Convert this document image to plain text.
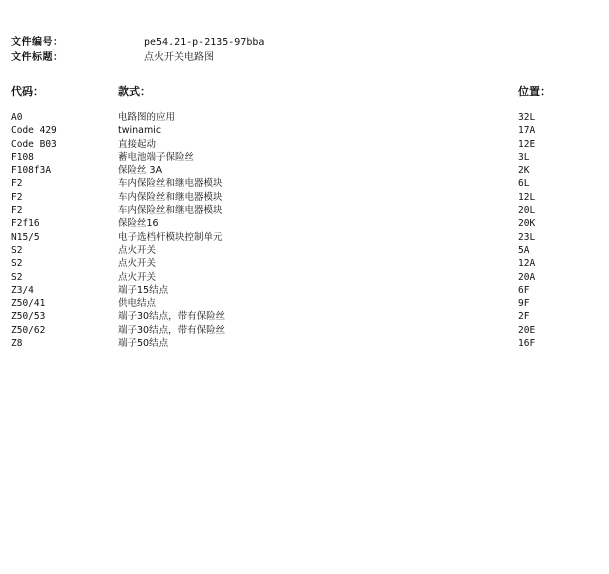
文件编号：	pe54.21-p-2135-97bba
文件标题：	点火开关电路图
代码：	款式：	位置：
A0	电路图的应用	32L
Code 429	twinamic	17A
Code B03	直接起动	12E
F108	蓄电池端子保险丝	3L
F108f3A	保险丝 3A	2K
F2	车内保险丝和继电器模块	6L
F2	车内保险丝和继电器模块	12L
F2	车内保险丝和继电器模块	20L
F2f16	保险丝16	20K
N15/5	电子选档杆模块控制单元	23L
S2	点火开关	5A
S2	点火开关	12A
S2	点火开关	20A
Z3/4	端子15结点	6F
Z50/41	供电结点	9F
Z50/53	端子30结点，带有保险丝	2F
Z50/62	端子30结点，带有保险丝	20E
Z8	端子50结点	16F
